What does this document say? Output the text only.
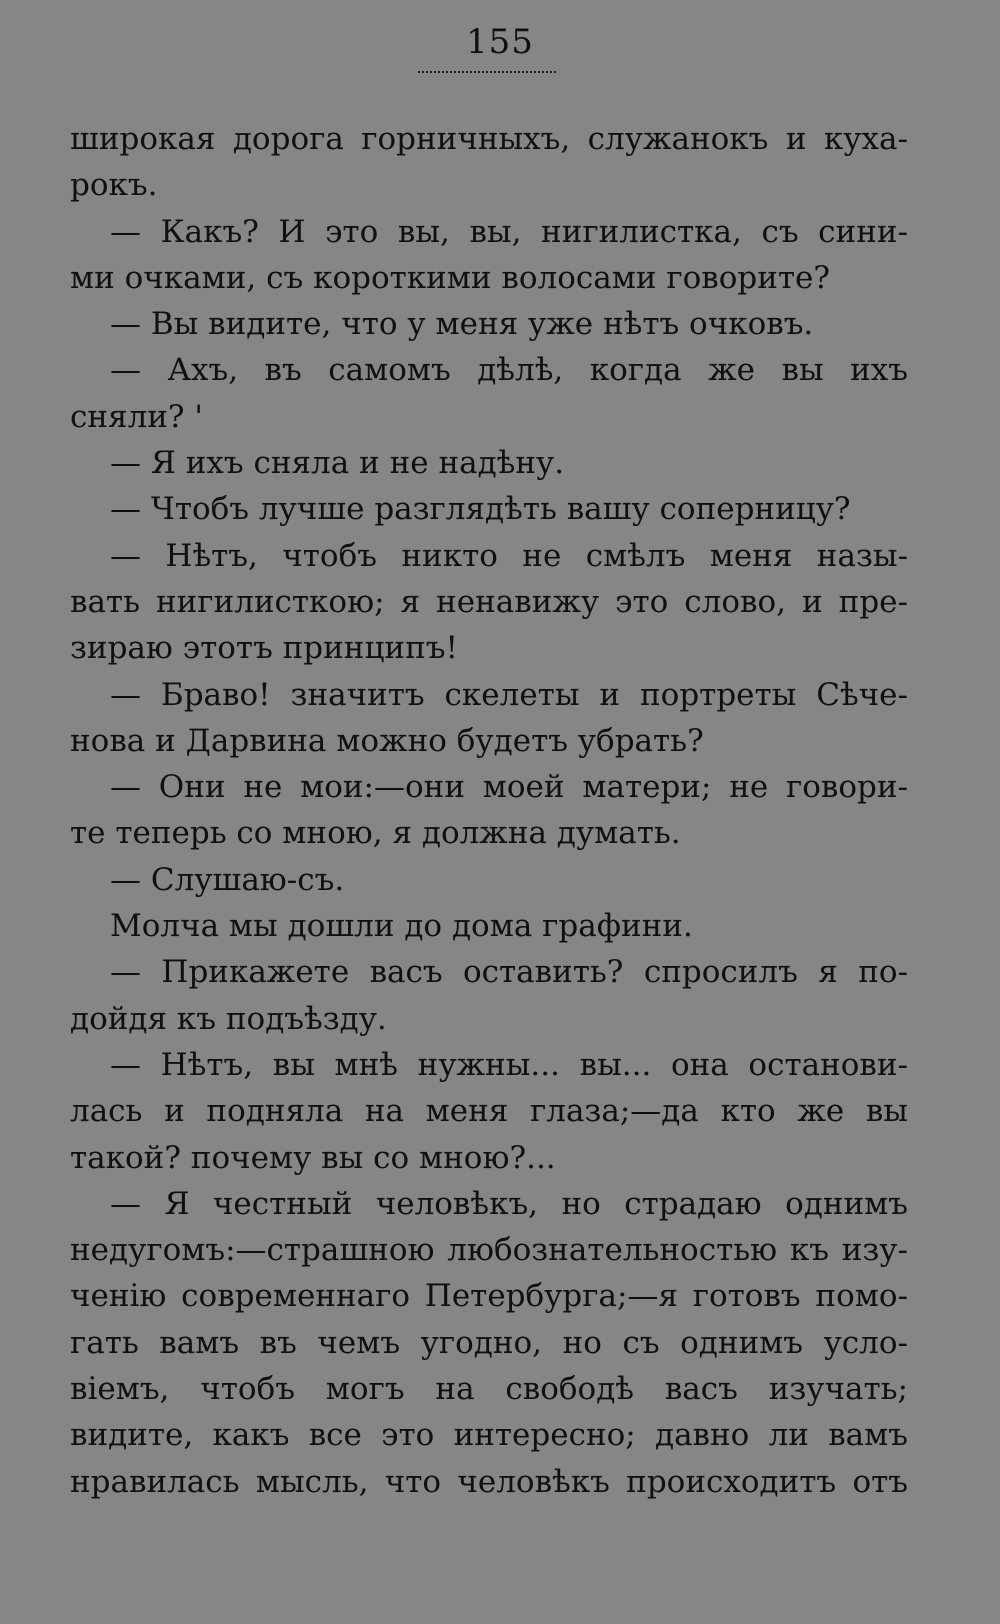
155
широкая дорога горничныхъ, служанокъ и куха-
рокъ.
— Какъ? И это вы, вы, нигилистка, съ сини-
ми очками, съ короткими волосами говорите?
— Вы видите, что у меня уже нѣтъ очковъ.
— Ахъ, въ самомъ дѣлѣ, когда же вы ихъ
сняли? '
— Я ихъ сняла и не надѣну.
— Чтобъ лучше разглядѣть вашу соперницу?
— Нѣтъ, чтобъ никто не смѣлъ меня назы-
вать нигилисткою; я ненавижу это слово, и пре-
зираю этотъ принципъ!
— Браво! значитъ скелеты и портреты Сѣче-
нова и Дарвина можно будетъ убрать?
— Они не мои:—они моей матери; не говори-
те теперь со мною, я должна думать.
— Слушаю-съ.
Молча мы дошли до дома графини.
— Прикажете васъ оставить? спросилъ я по-
дойдя къ подъѣзду.
— Нѣтъ, вы мнѣ нужны... вы... она останови-
лась и подняла на меня глаза;—да кто же вы
такой? почему вы со мною?...
— Я честный человѣкъ, но страдаю однимъ
недугомъ:—страшною любознательностью къ изу-
ченію современнаго Петербурга;—я готовъ помо-
гать вамъ въ чемъ угодно, но съ однимъ усло-
віемъ, чтобъ могъ на свободѣ васъ изучать;
видите, какъ все это интересно; давно ли вамъ
нравилась мысль, что человѣкъ происходитъ отъ
